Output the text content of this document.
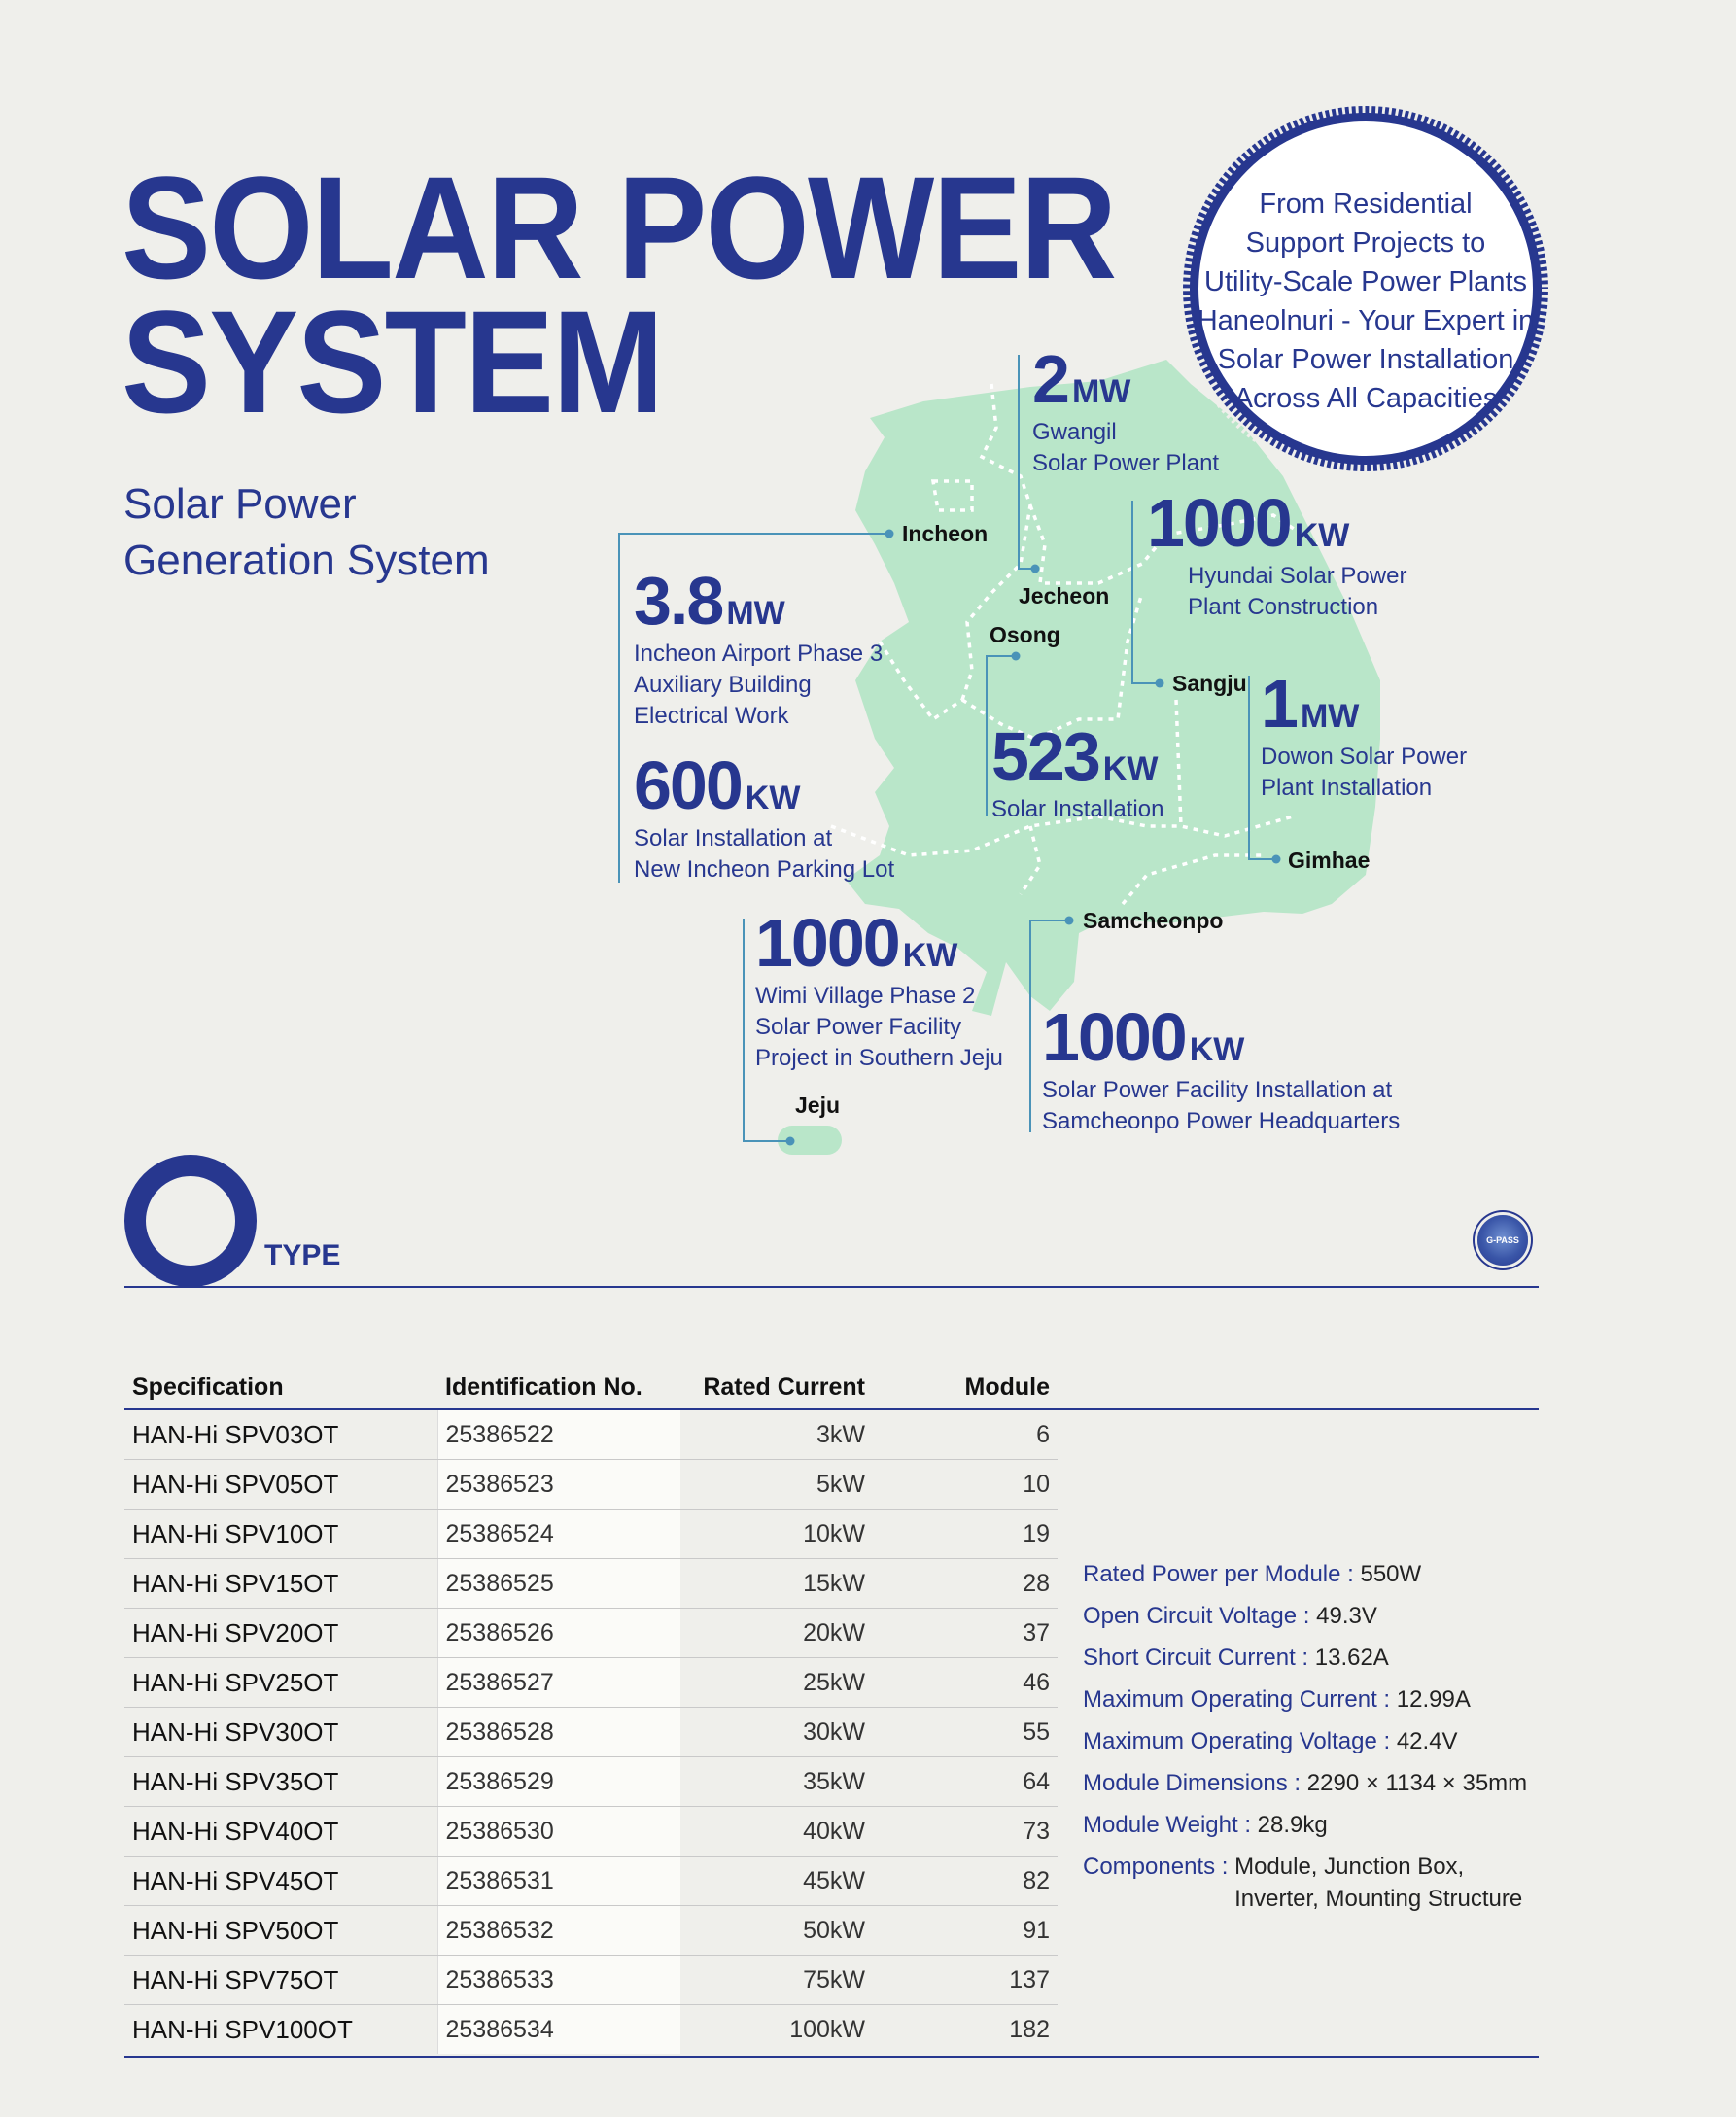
SOLAR POWER
SYSTEM
Solar Power
Generation System
From Residential
Support Projects to
Utility-Scale Power Plants
Haneolnuri - Your Expert in
Solar Power Installation
Across All Capacities
2 MW
Gwangil
Solar Power Plant
1000 KW
Hyundai Solar Power
Plant Construction
3.8 MW
Incheon Airport Phase 3
Auxiliary Building
Electrical Work
600 KW
Solar Installation at
New Incheon Parking Lot
523 KW
Solar Installation
1 MW
Dowon Solar Power
Plant Installation
1000 KW
Wimi Village Phase 2
Solar Power Facility
Project in Southern Jeju 1000 KW
Solar Power Facility Installation at
Samcheonpo Power Headquarters
Incheon
Jecheon
Osong
Sangju
Gimhae
Samcheonpo
Jeju
TYPE	G-PASS
Specification	Identification No.	Rated Current	Module
HAN-Hi SPV03OT	25386522	3kW	6
HAN-Hi SPV05OT	25386523	5kW	10
HAN-Hi SPV10OT	25386524	10kW	19
HAN-Hi SPV15OT	25386525	15kW	28
HAN-Hi SPV20OT	25386526	20kW	37
HAN-Hi SPV25OT	25386527	25kW	46
HAN-Hi SPV30OT	25386528	30kW	55
HAN-Hi SPV35OT	25386529	35kW	64
HAN-Hi SPV40OT	25386530	40kW	73
HAN-Hi SPV45OT	25386531	45kW	82
HAN-Hi SPV50OT	25386532	50kW	91
HAN-Hi SPV75OT	25386533	75kW	137
HAN-Hi SPV100OT	25386534	100kW	182
Rated Power per Module : 550W
Open Circuit Voltage : 49.3V
Short Circuit Current : 13.62A
Maximum Operating Current : 12.99A
Maximum Operating Voltage : 42.4V
Module Dimensions : 2290 × 1134 × 35mm
Module Weight : 28.9kg
Components :
Module, Junction Box,
Inverter, Mounting Structure
